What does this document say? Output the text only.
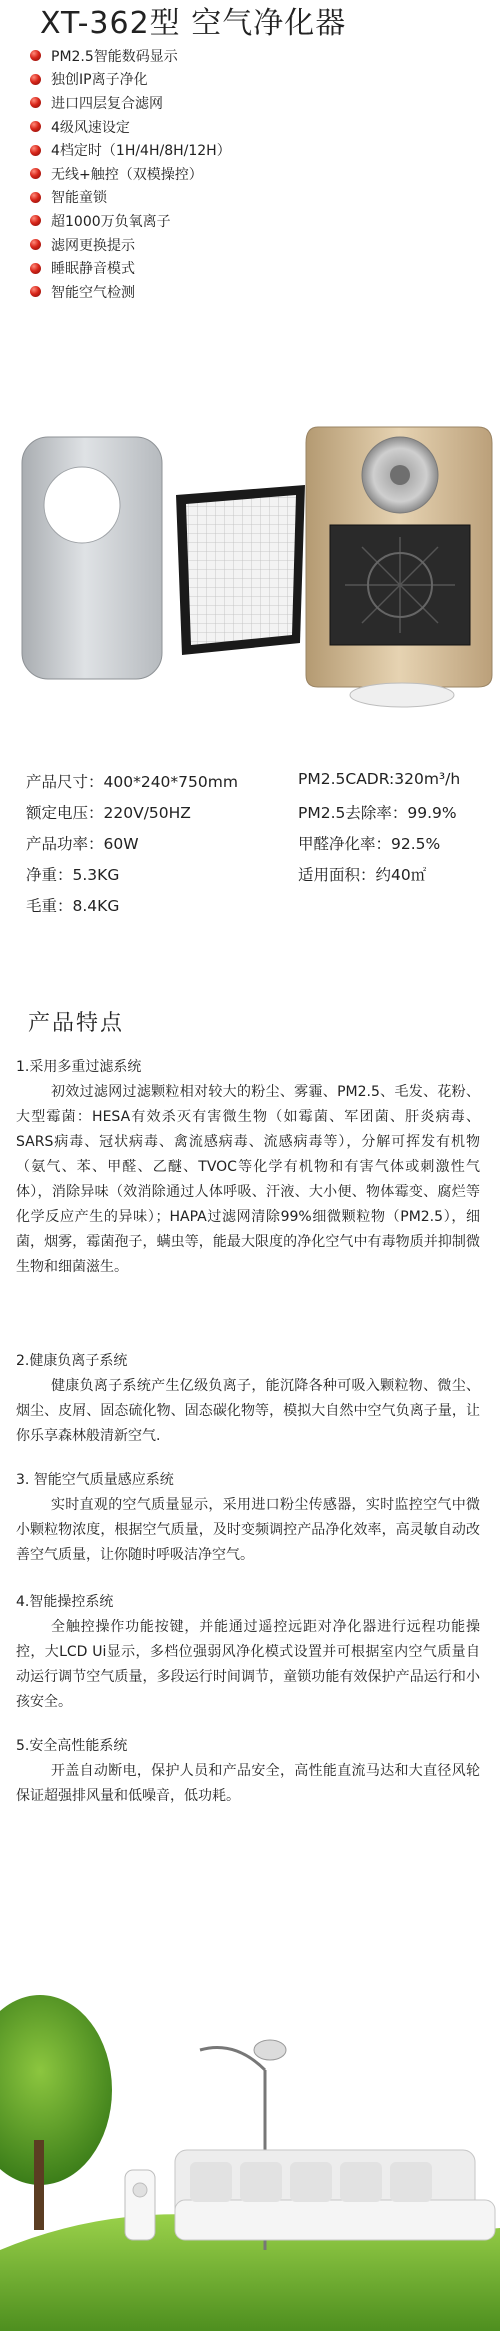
XT-362型 空气净化器
PM2.5智能数码显示
独创IP离子净化
进口四层复合滤网
4级风速设定
4档定时（1H/4H/8H/12H）
无线+触控（双模操控）
智能童锁
超1000万负氧离子
滤网更换提示
睡眠静音模式
智能空气检测
产品尺寸：400*240*750mm	PM2.5CADR:320m³/h
额定电压：220V/50HZ	PM2.5去除率：99.9%
产品功率：60W	甲醛净化率：92.5%
净重：5.3KG	适用面积：约40㎡
毛重：8.4KG
产品特点

1.采用多重过滤系统

初效过滤网过滤颗粒相对较大的粉尘、雾霾、PM2.5、毛发、花粉、大型霉菌：HESA有效杀灭有害微生物（如霉菌、军团菌、肝炎病毒、SARS病毒、冠状病毒、禽流感病毒、流感病毒等），分解可挥发有机物（氨气、苯、甲醛、乙醚、TVOC等化学有机物和有害气体或刺激性气体），消除异味（效消除通过人体呼吸、汗液、大小便、物体霉变、腐烂等化学反应产生的异味）；HAPA过滤网清除99%细微颗粒物（PM2.5），细菌，烟雾，霉菌孢子，螨虫等，能最大限度的净化空气中有毒物质并抑制微生物和细菌滋生。

2.健康负离子系统

健康负离子系统产生亿级负离子，能沉降各种可吸入颗粒物、微尘、烟尘、皮屑、固态硫化物、固态碳化物等，模拟大自然中空气负离子量，让你乐享森林般清新空气.

3. 智能空气质量感应系统

实时直观的空气质量显示，采用进口粉尘传感器，实时监控空气中微小颗粒物浓度，根据空气质量，及时变频调控产品净化效率，高灵敏自动改善空气质量，让你随时呼吸洁净空气。

4.智能操控系统

全触控操作功能按键，并能通过遥控远距对净化器进行远程功能操控，大LCD Ui显示，多档位强弱风净化模式设置并可根据室内空气质量自动运行调节空气质量，多段运行时间调节，童锁功能有效保护产品运行和小孩安全。

5.安全高性能系统

开盖自动断电，保护人员和产品安全，高性能直流马达和大直径风轮保证超强排风量和低噪音，低功耗。
